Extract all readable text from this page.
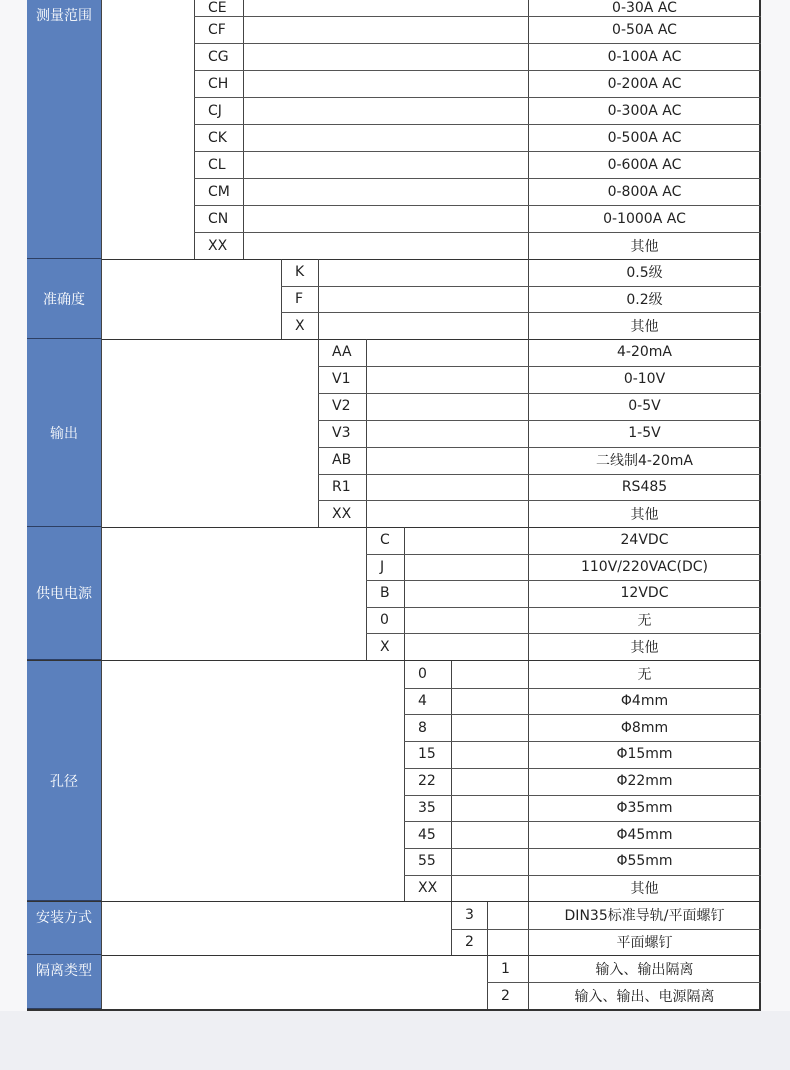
测量范围	CE	0-30A AC
CF	0-50A AC
CG	0-100A AC
CH	0-200A AC
CJ	0-300A AC
CK	0-500A AC
CL	0-600A AC
CM	0-800A AC
CN	0-1000A AC
XX	其他
准确度
K	0.5级
F	0.2级
X	其他
输出
AA	4-20mA
V1	0-10V
V2	0-5V
V3	1-5V
AB	二线制4-20mA
R1	RS485
XX	其他
供电电源
C	24VDC
J	110V/220VAC(DC)
B	12VDC
0	无
X	其他
孔径
0	无
4	Φ4mm
8	Φ8mm
15	Φ15mm
22	Φ22mm
35	Φ35mm
45	Φ45mm
55	Φ55mm
XX	其他
安装方式	3	DIN35标准导轨/平面螺钉
2	平面螺钉
隔离类型	1	输入、输出隔离
2	输入、输出、电源隔离
